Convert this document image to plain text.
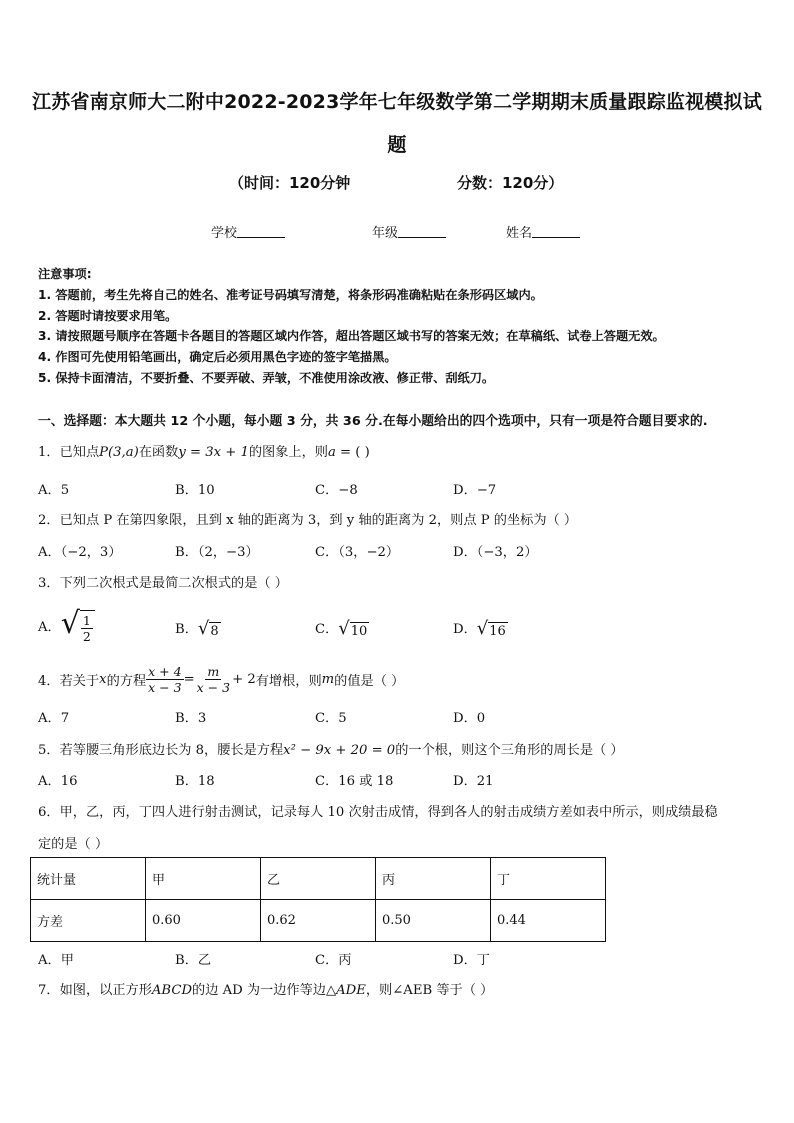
江苏省南京师大二附中2022-2023学年七年级数学第二学期期末质量跟踪监视模拟试
题
（时间：120分钟	分数：120分）
学校	年级	姓名
注意事项:
1. 答题前，考生先将自己的姓名、准考证号码填写清楚，将条形码准确粘贴在条形码区域内。
2. 答题时请按要求用笔。
3. 请按照题号顺序在答题卡各题目的答题区域内作答，超出答题区域书写的答案无效；在草稿纸、试卷上答题无效。
4. 作图可先使用铅笔画出，确定后必须用黑色字迹的签字笔描黑。
5. 保持卡面清洁，不要折叠、不要弄破、弄皱，不准使用涂改液、修正带、刮纸刀。
一、选择题：本大题共 12 个小题，每小题 3 分，共 36 分.在每小题给出的四个选项中，只有一项是符合题目要求的.
1．已知点P(3,a)在函数y = 3x + 1的图象上，则a = ( )
A．5	B．10	C．−8	D．−7
2．已知点 P 在第四象限，且到 x 轴的距离为 3，到 y 轴的距离为 2，则点 P 的坐标为（ ）
A．（−2，3）	B．（2，−3）	C．（3，−2）	D．（−3，2）
3．下列二次根式是最简二次根式的是（ ）
A． √ $\frac{1}{2}$	B． √ 8	C． √ 10	D． √ 16
4．若关于 x 的方程 $\frac{x + 4}{x - 3} = \frac{m}{x - 3} + 2$ 有增根，则 m 的值是（ ）
A．7	B．3	C．5	D．0
5．若等腰三角形底边长为 8，腰长是方程x² − 9x + 20 = 0的一个根，则这个三角形的周长是（ ）
A．16	B．18	C．16 或 18	D．21
6．甲，乙，丙，丁四人进行射击测试，记录每人 10 次射击成情，得到各人的射击成绩方差如表中所示，则成绩最稳
定的是（ ）
统计量	甲	乙	丙	丁
方差	0.60	0.62	0.50	0.44
A．甲	B．乙	C．丙	D．丁
7．如图，以正方形ABCD的边 AD 为一边作等边△ADE，则∠AEB 等于（ ）
